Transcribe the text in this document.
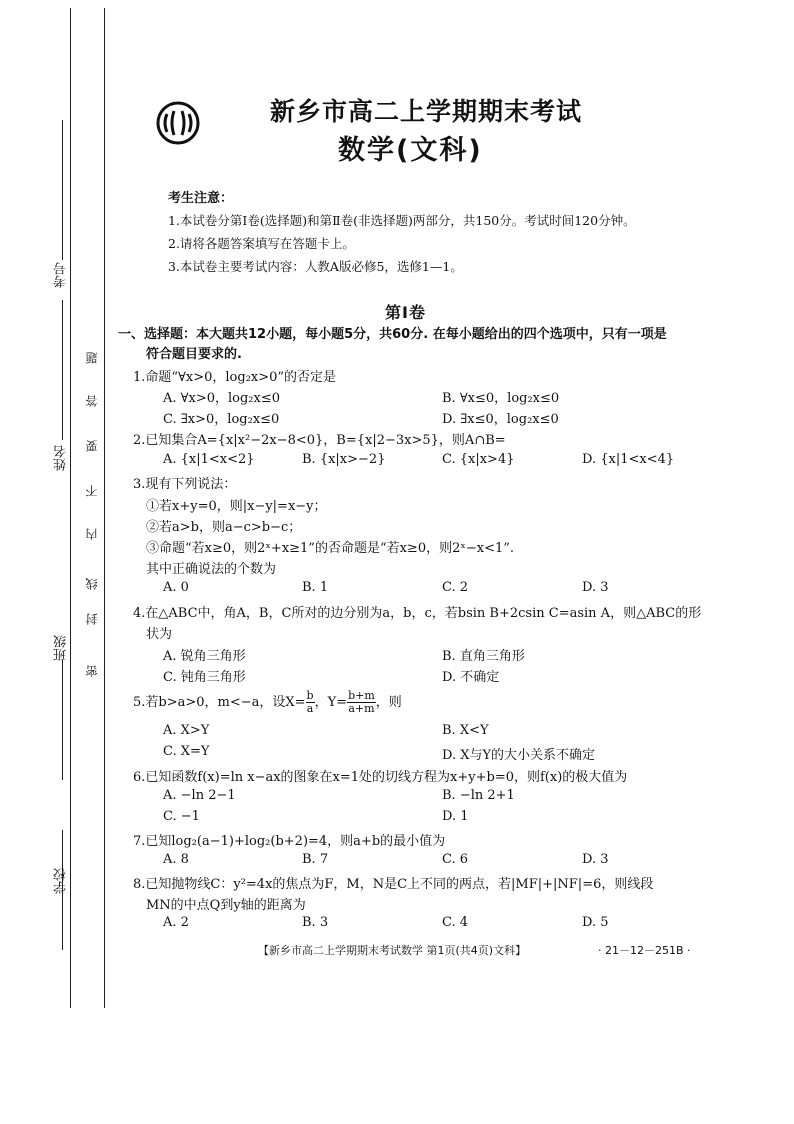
考号
姓名
班级
学校
密
封
线
内
不
要
答
题
新乡市高二上学期期末考试
数学(文科)
考生注意：
1.本试卷分第Ⅰ卷(选择题)和第Ⅱ卷(非选择题)两部分，共150分。考试时间120分钟。
2.请将各题答案填写在答题卡上。
3.本试卷主要考试内容：人教A版必修5，选修1—1。
第Ⅰ卷
一、选择题：本大题共12小题，每小题5分，共60分. 在每小题给出的四个选项中，只有一项是
符合题目要求的.
1.命题“∀x>0，log₂x>0”的否定是
A. ∀x>0，log₂x≤0	B. ∀x≤0，log₂x≤0
C. ∃x>0，log₂x≤0	D. ∃x≤0，log₂x≤0
2.已知集合A={x|x²−2x−8<0}，B={x|2−3x>5}，则A∩B=
A. {x|1<x<2}	B. {x|x>−2}	C. {x|x>4}	D. {x|1<x<4}
3.现有下列说法：
①若x+y=0，则|x−y|=x−y；
②若a>b，则a−c>b−c；
③命题“若x≥0，则2ˣ+x≥1”的否命题是“若x≥0，则2ˣ−x<1”.
其中正确说法的个数为
A. 0	B. 1	C. 2	D. 3
4.在△ABC中，角A，B，C所对的边分别为a，b，c，若bsin B+2csin C=asin A，则△ABC的形
状为
A. 锐角三角形	B. 直角三角形
C. 钝角三角形	D. 不确定
5.若b>a>0，m<−a，设$X= \frac{b}{a}$ ，$Y= \frac{b+m}{a+m}$ ，则
A. X>Y	B. X<Y
C. X=Y	D. X与Y的大小关系不确定
6.已知函数f(x)=ln x−ax的图象在x=1处的切线方程为x+y+b=0，则f(x)的极大值为
A. −ln 2−1	B. −ln 2+1
C. −1	D. 1
7.已知log₂(a−1)+log₂(b+2)=4，则a+b的最小值为
A. 8	B. 7	C. 6	D. 3
8.已知抛物线C：y²=4x的焦点为F，M，N是C上不同的两点，若|MF|+|NF|=6，则线段
MN的中点Q到y轴的距离为
A. 2	B. 3	C. 4	D. 5
【新乡市高二上学期期末考试数学 第1页(共4页)文科】	· 21－12－251B ·
